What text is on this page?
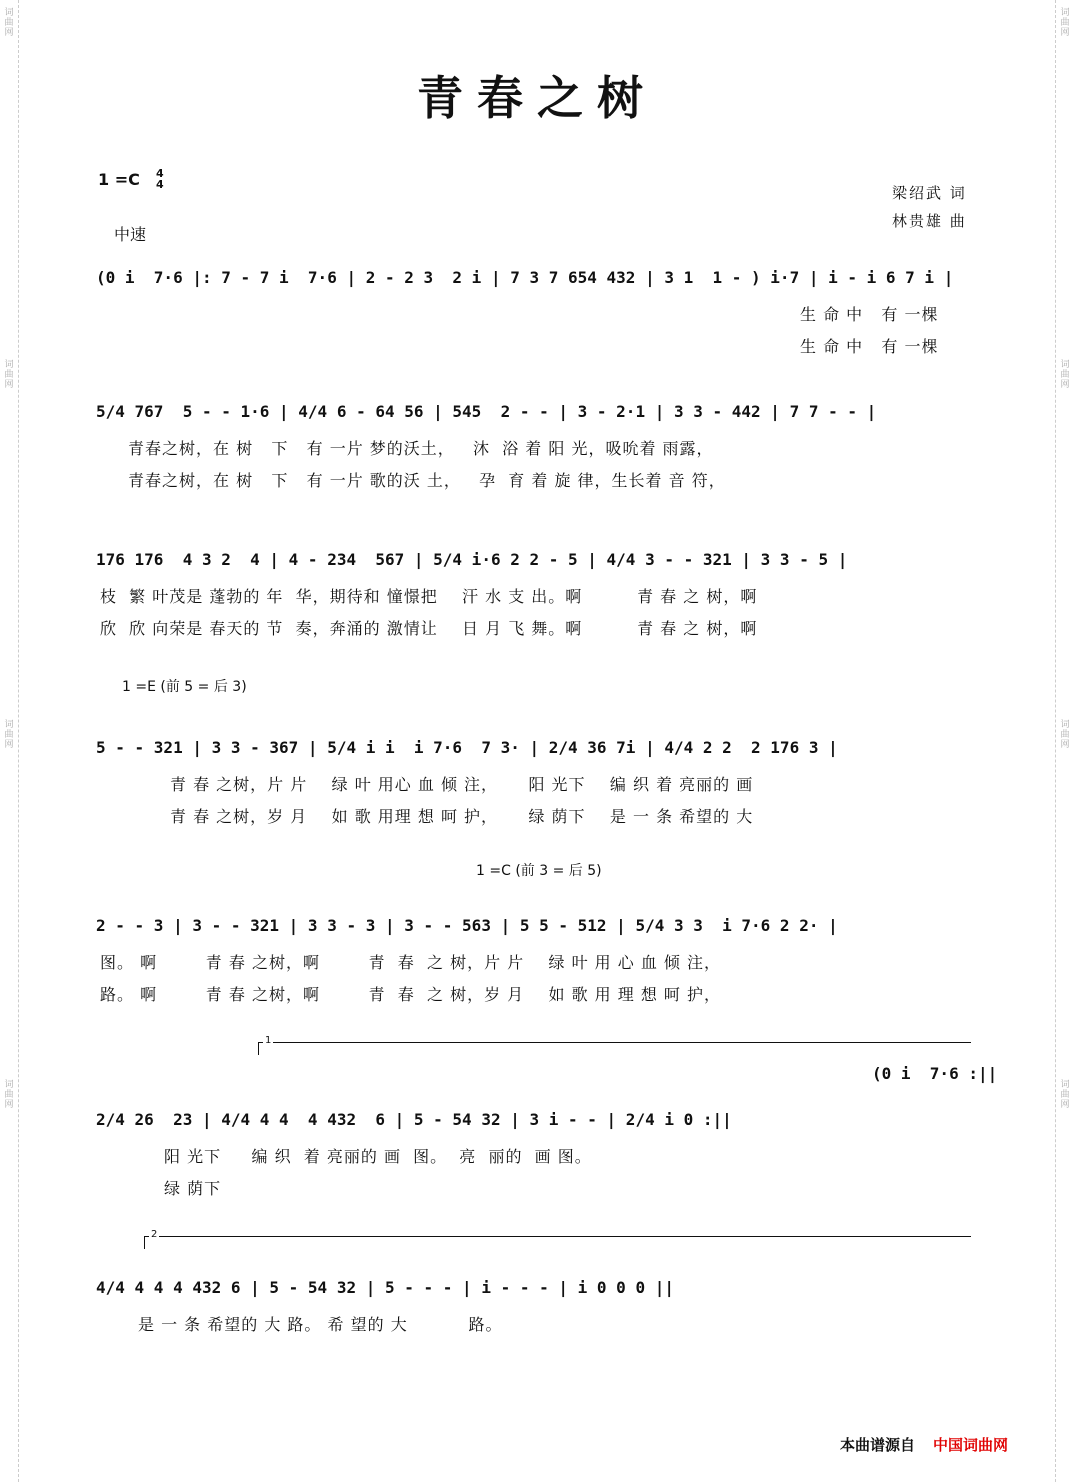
词曲网
词曲网
词曲网
词曲网
词曲网
词曲网
词曲网
词曲网
青春之树
1 =C 4
4
中速
梁绍武 词
林贵雄 曲
(0 i  7·6 |: 7 - 7 i  7·6 | 2 - 2 3  2 i | 7 3 7 654 432 | 3 1  1 - ) i·7 | i - i 6 7 i |
生 命 中   有 一棵
生 命 中   有 一棵
5/4 767  5 - - 1·6 | 4/4 6 - 64 56 | 545  2 - - | 3 - 2·1 | 3 3 - 442 | 7 7 - - |
青春之树，在 树   下   有 一片 梦的沃土，   沐  浴 着 阳 光，吸吮着 雨露，
青春之树，在 树   下   有 一片 歌的沃 土，   孕  育 着 旋 律，生长着 音 符，
176 176  4 3 2  4 | 4 - 234  567 | 5/4 i·6 2 2 - 5 | 4/4 3 - - 321 | 3 3 - 5 |
枝  繁 叶茂是 蓬勃的 年  华，期待和 憧憬把    汗 水 支 出。啊         青 春 之 树，啊
欣  欣 向荣是 春天的 节  奏，奔涌的 激情让    日 月 飞 舞。啊         青 春 之 树，啊
1 =E (前 5 = 后 3)
5 - - 321 | 3 3 - 367 | 5/4 i i  i 7·6  7 3· | 2/4 36 7i | 4/4 2 2  2 176 3 |
青 春 之树，片 片    绿 叶 用心 血 倾 注，     阳 光下    编 织 着 亮丽的 画
青 春 之树，岁 月    如 歌 用理 想 呵 护，     绿 荫下    是 一 条 希望的 大
1 =C (前 3 = 后 5)
2 - - 3 | 3 - - 321 | 3 3 - 3 | 3 - - 563 | 5 5 - 512 | 5/4 3 3  i 7·6 2 2· |
图。 啊        青 春 之树，啊        青  春  之 树，片 片    绿 叶 用 心 血 倾 注，
路。 啊        青 春 之树，啊        青  春  之 树，岁 月    如 歌 用 理 想 呵 护，
1
(0 i  7·6 :||
2/4 26  23 | 4/4 4 4  4 432  6 | 5 - 54 32 | 3 i - - | 2/4 i 0 :||
阳 光下     编 织  着 亮丽的 画  图。  亮  丽的  画 图。
绿 荫下
2
4/4 4 4 4 432 6 | 5 - 54 32 | 5 - - - | i - - - | i 0 0 0 ||
是 一 条 希望的 大 路。 希 望的 大          路。
本曲谱源自 中国词曲网
